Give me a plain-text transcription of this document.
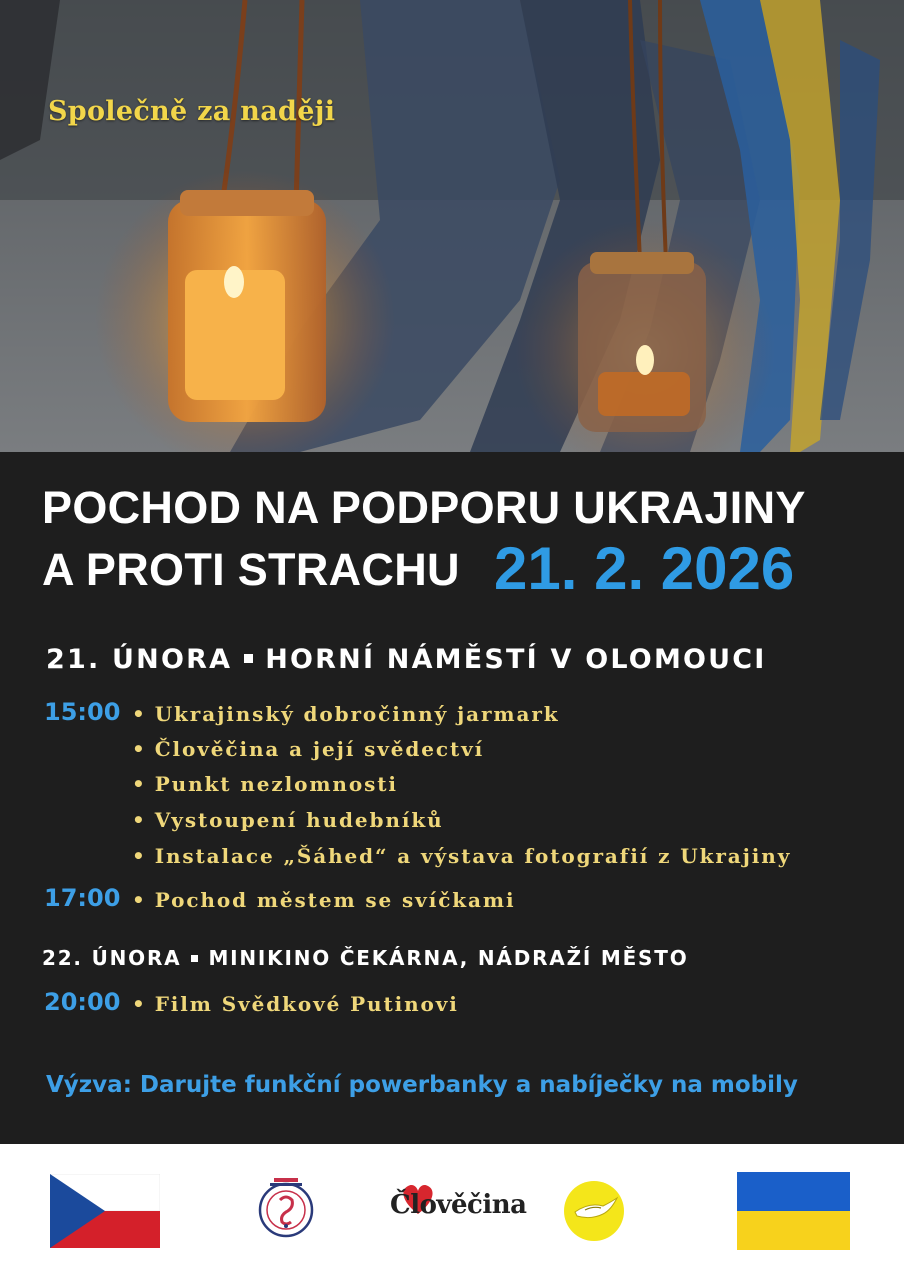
Společně za naději
POCHOD NA PODPORU UKRAJINY
A PROTI STRACHU 21. 2. 2026
21. ÚNORA HORNÍ NÁMĚSTÍ V OLOMOUCI
15:00 • Ukrajinský dobročinný jarmark
• Člověčina a její svědectví
• Punkt nezlomnosti
• Vystoupení hudebníků
• Instalace „Šáhed“ a výstava fotografií z Ukrajiny
17:00 • Pochod městem se svíčkami
22. ÚNORA MINIKINO ČEKÁRNA, NÁDRAŽÍ MĚSTO
20:00 • Film Svědkové Putinovi
Výzva: Darujte funkční powerbanky a nabíječky na mobily
Člověčina
